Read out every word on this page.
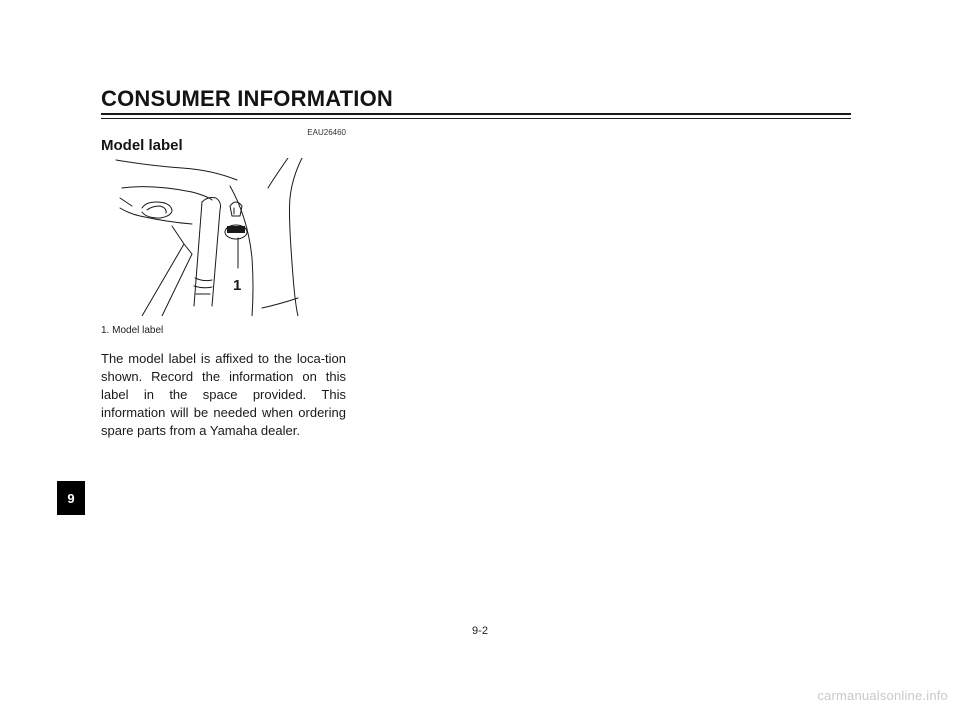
CONSUMER INFORMATION
EAU26460
Model label
1
1. Model label
The model label is affixed to the loca-tion shown. Record the information on this label in the space provided. This information will be needed when ordering spare parts from a Yamaha dealer.
9
9-2
carmanualsonline.info
